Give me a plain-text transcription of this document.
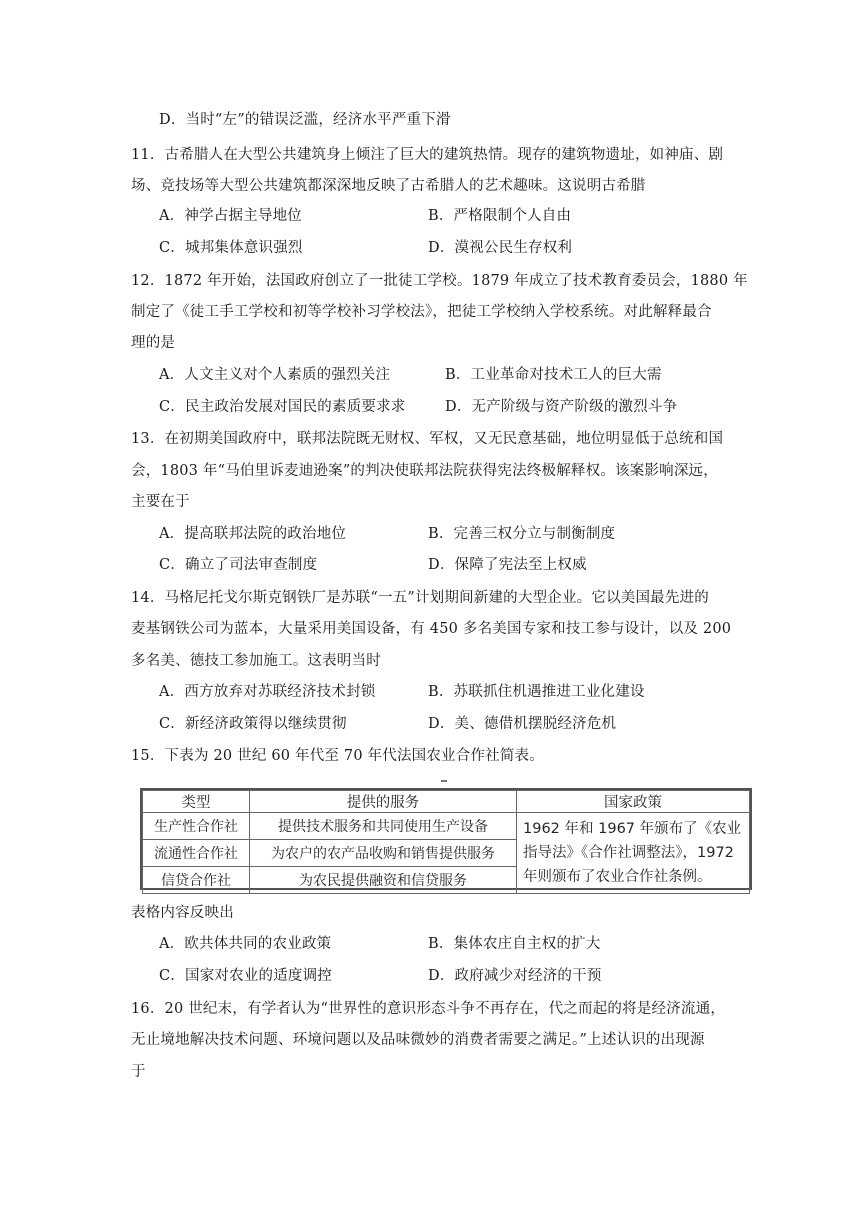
D．当时“左”的错误泛滥，经济水平严重下滑
11．古希腊人在大型公共建筑身上倾注了巨大的建筑热情。现存的建筑物遗址，如神庙、剧
场、竞技场等大型公共建筑都深深地反映了古希腊人的艺术趣味。这说明古希腊
A．神学占据主导地位	B．严格限制个人自由
C．城邦集体意识强烈	D．漠视公民生存权利
12．1872 年开始，法国政府创立了一批徒工学校。1879 年成立了技术教育委员会，1880 年
制定了《徒工手工学校和初等学校补习学校法》，把徒工学校纳入学校系统。对此解释最合
理的是
A．人文主义对个人素质的强烈关注	B．工业革命对技术工人的巨大需
C．民主政治发展对国民的素质要求求	D．无产阶级与资产阶级的激烈斗争
13．在初期美国政府中，联邦法院既无财权、军权，又无民意基础，地位明显低于总统和国
会，1803 年“马伯里诉麦迪逊案”的判决使联邦法院获得宪法终极解释权。该案影响深远，
主要在于
A．提高联邦法院的政治地位	B．完善三权分立与制衡制度
C．确立了司法审查制度	D．保障了宪法至上权威
14．马格尼托戈尔斯克钢铁厂是苏联“一五”计划期间新建的大型企业。它以美国最先进的
麦基钢铁公司为蓝本，大量采用美国设备，有 450 多名美国专家和技工参与设计，以及 200
多名美、德技工参加施工。这表明当时
A．西方放弃对苏联经济技术封锁	B．苏联抓住机遇推进工业化建设
C．新经济政策得以继续贯彻	D．美、德借机摆脱经济危机
15．下表为 20 世纪 60 年代至 70 年代法国农业合作社简表。
类型	提供的服务	国家政策
生产性合作社	提供技术服务和共同使用生产设备	1962 年和 1967 年颁布了《农业指导法》《合作社调整法》，1972 年则颁布了农业合作社条例。
流通性合作社	为农户的农产品收购和销售提供服务	
信贷合作社	为农民提供融资和信贷服务	
表格内容反映出
A．欧共体共同的农业政策	B．集体农庄自主权的扩大
C．国家对农业的适度调控	D．政府减少对经济的干预
16．20 世纪末，有学者认为“世界性的意识形态斗争不再存在，代之而起的将是经济流通，
无止境地解决技术问题、环境问题以及品味微妙的消费者需要之满足。”上述认识的出现源
于
